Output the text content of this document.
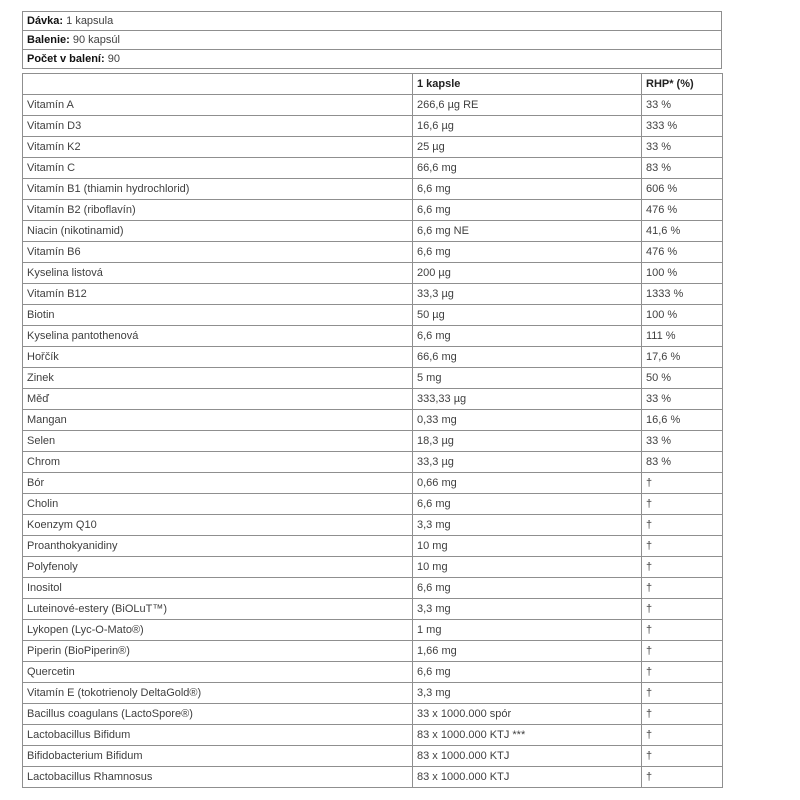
Dávka: 1 kapsula
Balenie: 90 kapsúl
Počet v balení: 90
	1 kapsle	RHP* (%)
Vitamín A	266,6 µg RE	33 %
Vitamín D3	16,6 µg	333 %
Vitamín K2	25 µg	33 %
Vitamín C	66,6 mg	83 %
Vitamín B1 (thiamin hydrochlorid)	6,6 mg	606 %
Vitamín B2 (riboflavín)	6,6 mg	476 %
Niacin (nikotinamid)	6,6 mg NE	41,6 %
Vitamín B6	6,6 mg	476 %
Kyselina listová	200 µg	100 %
Vitamín B12	33,3 µg	1333 %
Biotin	50 µg	100 %
Kyselina pantothenová	6,6 mg	111 %
Hořčík	66,6 mg	17,6 %
Zinek	5 mg	50 %
Měď	333,33 µg	33 %
Mangan	0,33 mg	16,6 %
Selen	18,3 µg	33 %
Chrom	33,3 µg	83 %
Bór	0,66 mg	†
Cholin	6,6 mg	†
Koenzym Q10	3,3 mg	†
Proanthokyanidiny	10 mg	†
Polyfenoly	10 mg	†
Inositol	6,6 mg	†
Luteinové-estery (BiOLuT™)	3,3 mg	†
Lykopen (Lyc-O-Mato®)	1 mg	†
Piperin (BioPiperin®)	1,66 mg	†
Quercetin	6,6 mg	†
Vitamín E (tokotrienoly DeltaGold®)	3,3 mg	†
Bacillus coagulans (LactoSpore®)	33 x 1000.000 spór	†
Lactobacillus Bifidum	83 x 1000.000 KTJ ***	†
Bifidobacterium Bifidum	83 x 1000.000 KTJ	†
Lactobacillus Rhamnosus	83 x 1000.000 KTJ	†
